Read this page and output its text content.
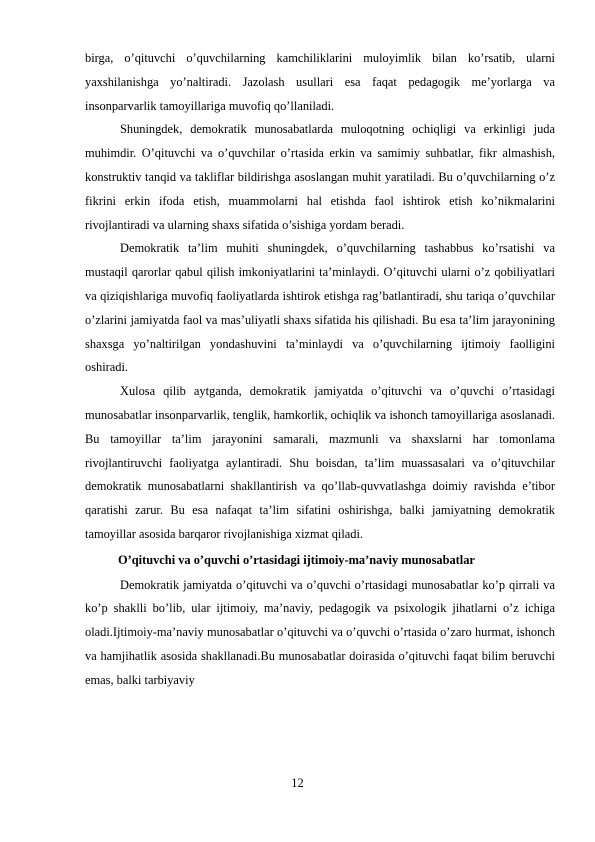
birga, o’qituvchi o’quvchilarning kamchiliklarini muloyimlik bilan ko’rsatib, ularni yaxshilanishga yo’naltiradi. Jazolash usullari esa faqat pedagogik me’yorlarga va insonparvarlik tamoyillariga muvofiq qo’llaniladi.

Shuningdek, demokratik munosabatlarda muloqotning ochiqligi va erkinligi juda muhimdir. O’qituvchi va o’quvchilar o’rtasida erkin va samimiy suhbatlar, fikr almashish, konstruktiv tanqid va takliflar bildirishga asoslangan muhit yaratiladi. Bu o’quvchilarning o’z fikrini erkin ifoda etish, muammolarni hal etishda faol ishtirok etish ko’nikmalarini rivojlantiradi va ularning shaxs sifatida o’sishiga yordam beradi.

Demokratik ta’lim muhiti shuningdek, o’quvchilarning tashabbus ko’rsatishi va mustaqil qarorlar qabul qilish imkoniyatlarini ta’minlaydi. O’qituvchi ularni o’z qobiliyatlari va qiziqishlariga muvofiq faoliyatlarda ishtirok etishga rag’batlantiradi, shu tariqa o’quvchilar o’zlarini jamiyatda faol va mas’uliyatli shaxs sifatida his qilishadi. Bu esa ta’lim jarayonining shaxsga yo’naltirilgan yondashuvini ta’minlaydi va o’quvchilarning ijtimoiy faolligini oshiradi.

Xulosa qilib aytganda, demokratik jamiyatda o’qituvchi va o’quvchi o’rtasidagi munosabatlar insonparvarlik, tenglik, hamkorlik, ochiqlik va ishonch tamoyillariga asoslanadi. Bu tamoyillar ta’lim jarayonini samarali, mazmunli va shaxslarni har tomonlama rivojlantiruvchi faoliyatga aylantiradi. Shu boisdan, ta’lim muassasalari va o’qituvchilar demokratik munosabatlarni shakllantirish va qo’llab-quvvatlashga doimiy ravishda e’tibor qaratishi zarur. Bu esa nafaqat ta’lim sifatini oshirishga, balki jamiyatning demokratik tamoyillar asosida barqaror rivojlanishiga xizmat qiladi.

O’qituvchi va o’quvchi o’rtasidagi ijtimoiy-ma’naviy munosabatlar

Demokratik jamiyatda o’qituvchi va o’quvchi o’rtasidagi munosabatlar ko’p qirrali va ko’p shaklli bo’lib, ular ijtimoiy, ma’naviy, pedagogik va psixologik jihatlarni o’z ichiga oladi.Ijtimoiy-ma’naviy munosabatlar o’qituvchi va o’quvchi o’rtasida o’zaro hurmat, ishonch va hamjihatlik asosida shakllanadi.Bu munosabatlar doirasida o’qituvchi faqat bilim beruvchi emas, balki tarbiyaviy

12
